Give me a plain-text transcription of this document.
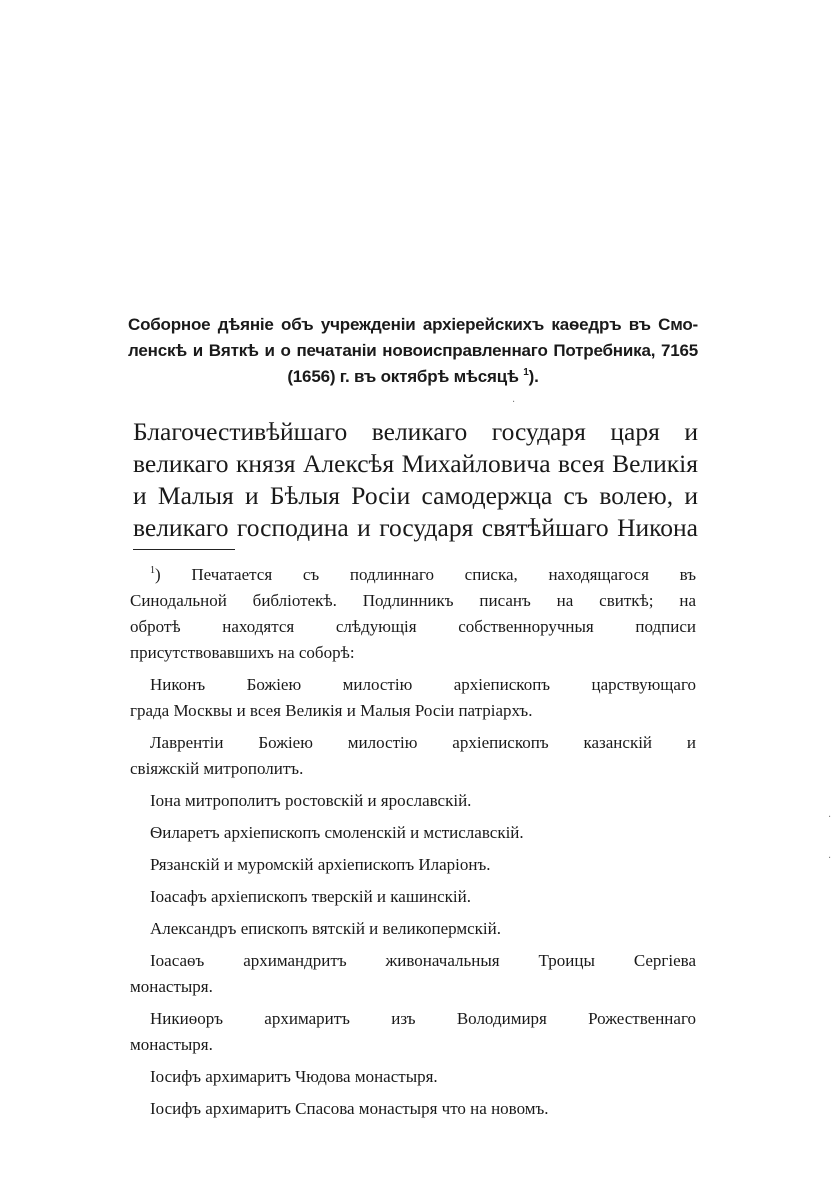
Соборное дѣяніе объ учрежденіи архіерейскихъ каѳедръ въ Смо-
ленскѣ и Вяткѣ и о печатаніи новоисправленнаго Потребника, 7165
(1656) г. въ октябрѣ мѣсяцѣ $^1$).
Благочестивѣйшаго великаго государя царя и
великаго князя Алексѣя Михайловича всея Великія
и Малыя и Бѣлыя Росіи самодержца съ волею, и
великаго господина и государя святѣйшаго Никона
$^1$) Печатается съ подлиннаго списка, находящагося въ
Синодальной библіотекѣ. Подлинникъ писанъ на свиткѣ; на
обротѣ находятся слѣдующія собственноручныя подписи
присутствовавшихъ на соборѣ:
Никонъ Божіею милостію архіепископъ царствующаго
града Москвы и всея Великія и Малыя Росіи патріархъ.
Лаврентіи Божіею милостію архіепископъ казанскій и
свіяжскій митрополитъ.
Іона митрополитъ ростовскій и ярославскій.
Ѳиларетъ архіепископъ смоленскій и мстиславскій.
Рязанскій и муромскій архіепископъ Иларіонъ.
Іоасафъ архіепископъ тверскій и кашинскій.
Александръ епископъ вятскій и великопермскій.
Іоасаѳъ архимандритъ живоначальныя Троицы Сергіева
монастыря.
Никиѳоръ архимаритъ изъ Володимиря Рожественнаго
монастыря.
Іосифъ архимаритъ Чюдова монастыря.
Іосифъ архимаритъ Спасова монастыря что на новомъ.
·
·
·
